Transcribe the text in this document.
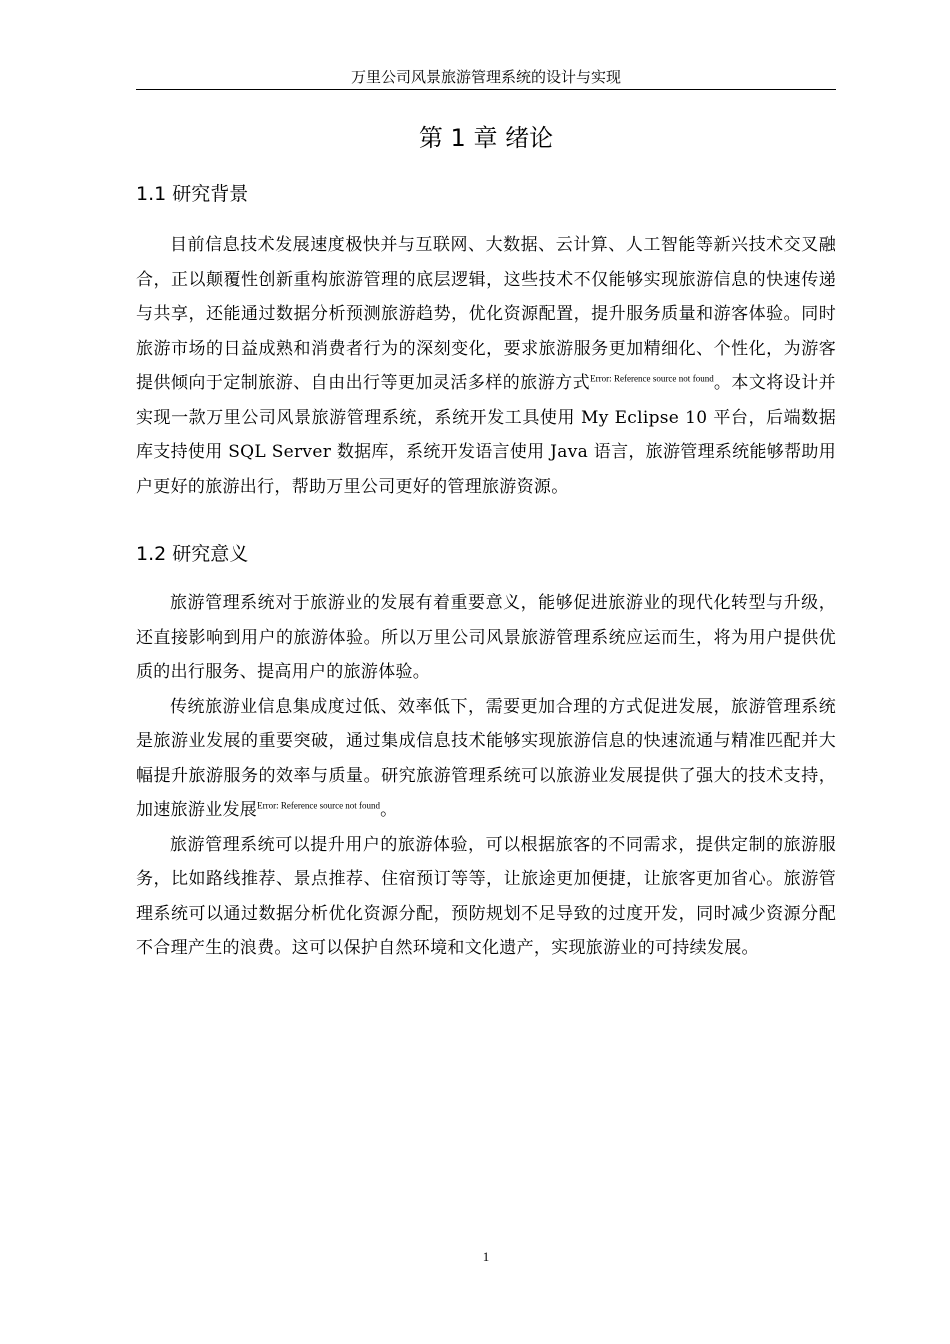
万里公司风景旅游管理系统的设计与实现
第 1 章 绪论
1.1 研究背景

目前信息技术发展速度极快并与互联网、大数据、云计算、人工智能等新兴技术交叉融合，正以颠覆性创新重构旅游管理的底层逻辑，这些技术不仅能够实现旅游信息的快速传递与共享，还能通过数据分析预测旅游趋势，优化资源配置，提升服务质量和游客体验。同时旅游市场的日益成熟和消费者行为的深刻变化，要求旅游服务更加精细化、个性化，为游客提供倾向于定制旅游、自由出行等更加灵活多样的旅游方式$^{Error: Reference source not found}$。本文将设计并实现一款万里公司风景旅游管理系统，系统开发工具使用 My Eclipse 10 平台，后端数据库支持使用 SQL Server 数据库，系统开发语言使用 Java 语言，旅游管理系统能够帮助用户更好的旅游出行，帮助万里公司更好的管理旅游资源。

1.2 研究意义

旅游管理系统对于旅游业的发展有着重要意义，能够促进旅游业的现代化转型与升级，还直接影响到用户的旅游体验。所以万里公司风景旅游管理系统应运而生，将为用户提供优质的出行服务、提高用户的旅游体验。

传统旅游业信息集成度过低、效率低下，需要更加合理的方式促进发展，旅游管理系统是旅游业发展的重要突破，通过集成信息技术能够实现旅游信息的快速流通与精准匹配并大幅提升旅游服务的效率与质量。研究旅游管理系统可以旅游业发展提供了强大的技术支持，加速旅游业发展$^{Error: Reference source not found}$。

旅游管理系统可以提升用户的旅游体验，可以根据旅客的不同需求，提供定制的旅游服务，比如路线推荐、景点推荐、住宿预订等等，让旅途更加便捷，让旅客更加省心。旅游管理系统可以通过数据分析优化资源分配，预防规划不足导致的过度开发，同时减少资源分配不合理产生的浪费。这可以保护自然环境和文化遗产，实现旅游业的可持续发展。

1
